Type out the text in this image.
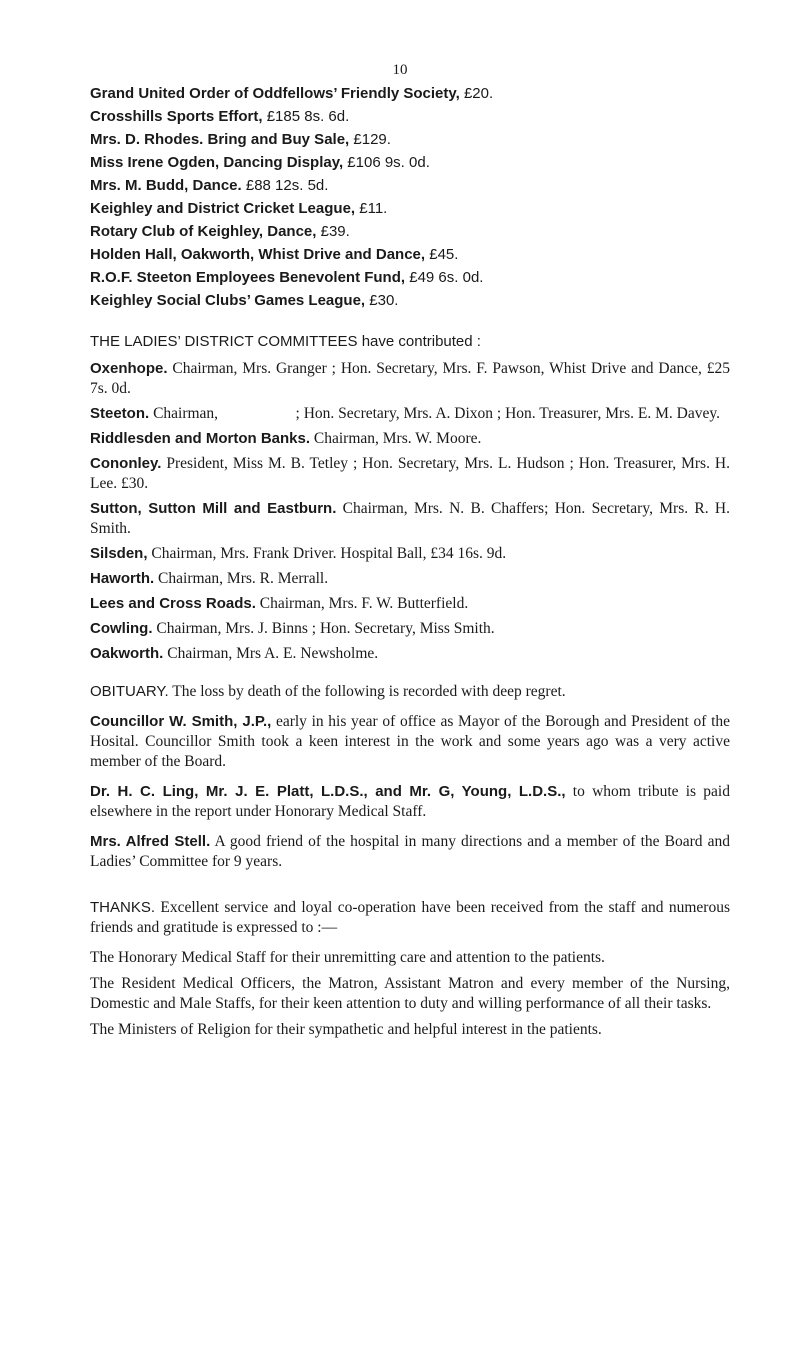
10
Grand United Order of Oddfellows’ Friendly Society, £20.
Crosshills Sports Effort, £185 8s. 6d.
Mrs. D. Rhodes. Bring and Buy Sale, £129.
Miss Irene Ogden, Dancing Display, £106 9s. 0d.
Mrs. M. Budd, Dance. £88 12s. 5d.
Keighley and District Cricket League, £11.
Rotary Club of Keighley, Dance, £39.
Holden Hall, Oakworth, Whist Drive and Dance, £45.
R.O.F. Steeton Employees Benevolent Fund, £49 6s. 0d.
Keighley Social Clubs’ Games League, £30.
THE LADIES’ DISTRICT COMMITTEES have contributed :
Oxenhope. Chairman, Mrs. Granger ; Hon. Secretary, Mrs. F. Pawson, Whist Drive and Dance, £25 7s. 0d.
Steeton. Chairman,                    ; Hon. Secretary, Mrs. A. Dixon ; Hon. Treasurer, Mrs. E. M. Davey.
Riddlesden and Morton Banks. Chairman, Mrs. W. Moore.
Cononley. President, Miss M. B. Tetley ; Hon. Secretary, Mrs. L. Hudson ; Hon. Treasurer, Mrs. H. Lee. £30.
Sutton, Sutton Mill and Eastburn. Chairman, Mrs. N. B. Chaffers; Hon. Secretary, Mrs. R. H. Smith.
Silsden, Chairman, Mrs. Frank Driver. Hospital Ball, £34 16s. 9d.
Haworth. Chairman, Mrs. R. Merrall.
Lees and Cross Roads. Chairman, Mrs. F. W. Butterfield.
Cowling. Chairman, Mrs. J. Binns ; Hon. Secretary, Miss Smith.
Oakworth. Chairman, Mrs A. E. Newsholme.
OBITUARY. The loss by death of the following is recorded with deep regret.
Councillor W. Smith, J.P., early in his year of office as Mayor of the Borough and President of the Hosital. Councillor Smith took a keen interest in the work and some years ago was a very active member of the Board.
Dr. H. C. Ling, Mr. J. E. Platt, L.D.S., and Mr. G, Young, L.D.S., to whom tribute is paid elsewhere in the report under Honorary Medical Staff.
Mrs. Alfred Stell. A good friend of the hospital in many directions and a member of the Board and Ladies’ Committee for 9 years.
THANKS. Excellent service and loyal co-operation have been received from the staff and numerous friends and gratitude is expressed to :—
The Honorary Medical Staff for their unremitting care and attention to the patients.
The Resident Medical Officers, the Matron, Assistant Matron and every member of the Nursing, Domestic and Male Staffs, for their keen attention to duty and willing performance of all their tasks.
The Ministers of Religion for their sympathetic and helpful interest in the patients.
